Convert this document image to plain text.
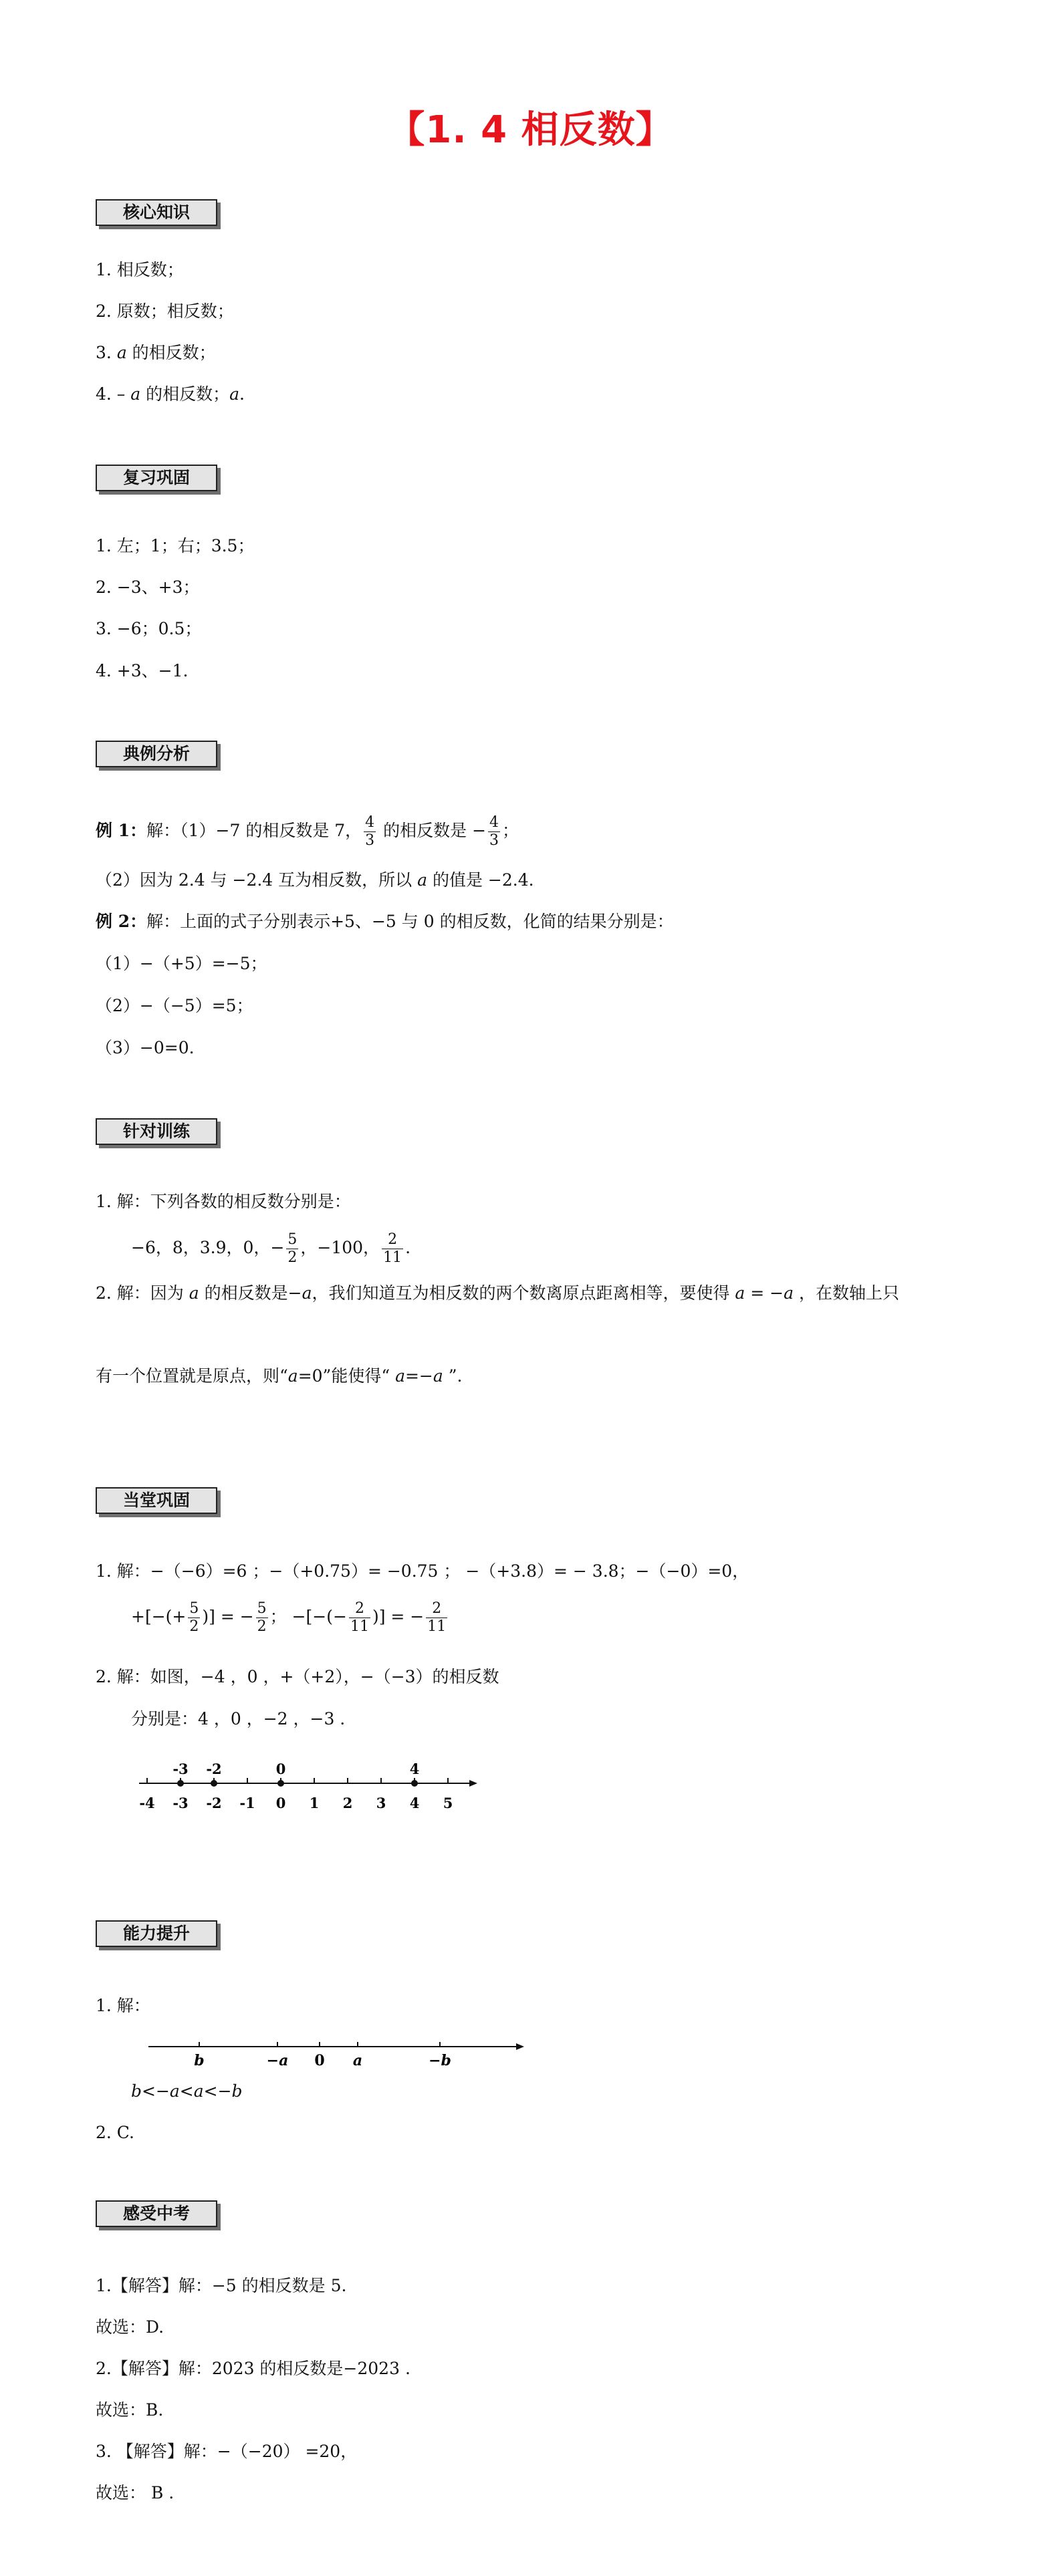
【1. 4 相反数】
核心知识
1. 相反数；
2. 原数；相反数；
3. a 的相反数；
4. – a 的相反数；a.
复习巩固
1. 左；1；右；3.5；
2. −3、+3；
3. −6；0.5；
4. +3、−1.
典例分析
例 1：解：（1）−7 的相反数是 7， $\frac{4}{3}$ 的相反数是 − $\frac{4}{3}$ ；
（2）因为 2.4 与 −2.4 互为相反数，所以 a 的值是 −2.4.
例 2：解：上面的式子分别表示+5、−5 与 0 的相反数，化简的结果分别是：
（1）−（+5）=−5；
（2）−（−5）=5；
（3）−0=0.
针对训练
1. 解：下列各数的相反数分别是：
−6，8，3.9，0，− $\frac{5}{2}$ ，−100， $\frac{2}{11}$ .
2. 解：因为 a 的相反数是−a，我们知道互为相反数的两个数离原点距离相等，要使得 a = −a ，在数轴上只
有一个位置就是原点，则“a=0”能使得“ a=−a ”.
当堂巩固
1. 解：−（−6）=6 ；−（+0.75）= −0.75 ； −（+3.8）= − 3.8；−（−0）=0，
+[−(+ $\frac{5}{2}$ )] = − $\frac{5}{2}$ ； −[−(− $\frac{2}{11}$ )] = − $\frac{2}{11}$
2. 解：如图，−4 ，0 ，+（+2），−（−3）的相反数
分别是：4 ，0 ，−2 ，−3 .
-4 -3 -2 -1 0 1 2 3 4 5
-3 -2	0	4
能力提升
1. 解：
b	−a 0 a	−b
b<−a<a<−b
2. C.
感受中考
1.【解答】解：−5 的相反数是 5.
故选：D.
2.【解答】解：2023 的相反数是−2023 .
故选：B.
3. 【解答】解：−（−20） =20，
故选： B .
